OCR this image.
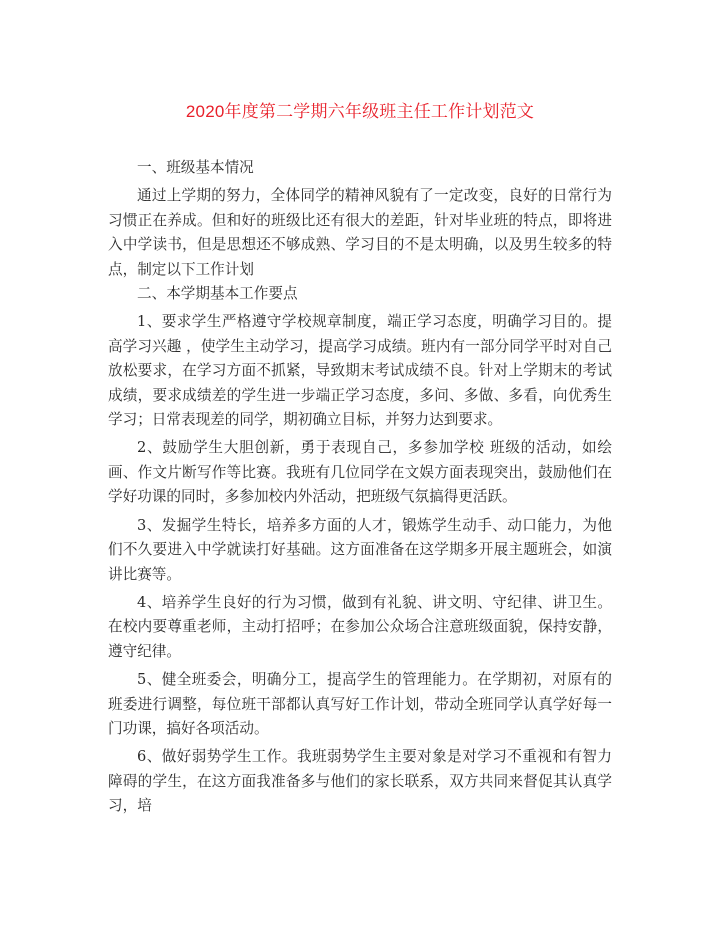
2020年度第二学期六年级班主任工作计划范文

一、班级基本情况

通过上学期的努力，全体同学的精神风貌有了一定改变，良好的日常行为习惯正在养成。但和好的班级比还有很大的差距，针对毕业班的特点，即将进入中学读书，但是思想还不够成熟、学习目的不是太明确，以及男生较多的特点，制定以下工作计划

二、本学期基本工作要点

1、要求学生严格遵守学校规章制度，端正学习态度，明确学习目的。提高学习兴趣 ，使学生主动学习，提高学习成绩。班内有一部分同学平时对自己放松要求，在学习方面不抓紧，导致期末考试成绩不良。针对上学期末的考试成绩，要求成绩差的学生进一步端正学习态度，多问、多做、多看，向优秀生学习；日常表现差的同学，期初确立目标，并努力达到要求。

2、鼓励学生大胆创新，勇于表现自己，多参加学校 班级的活动，如绘画、作文片断写作等比赛。我班有几位同学在文娱方面表现突出，鼓励他们在学好功课的同时，多参加校内外活动，把班级气氛搞得更活跃。

3、发掘学生特长，培养多方面的人才，锻炼学生动手、动口能力，为他们不久要进入中学就读打好基础。这方面准备在这学期多开展主题班会，如演讲比赛等。

4、培养学生良好的行为习惯，做到有礼貌、讲文明、守纪律、讲卫生。在校内要尊重老师，主动打招呼；在参加公众场合注意班级面貌，保持安静，遵守纪律。

5、健全班委会，明确分工，提高学生的管理能力。在学期初，对原有的班委进行调整，每位班干部都认真写好工作计划，带动全班同学认真学好每一门功课，搞好各项活动。

6、做好弱势学生工作。我班弱势学生主要对象是对学习不重视和有智力障碍的学生，在这方面我准备多与他们的家长联系，双方共同来督促其认真学习，培
